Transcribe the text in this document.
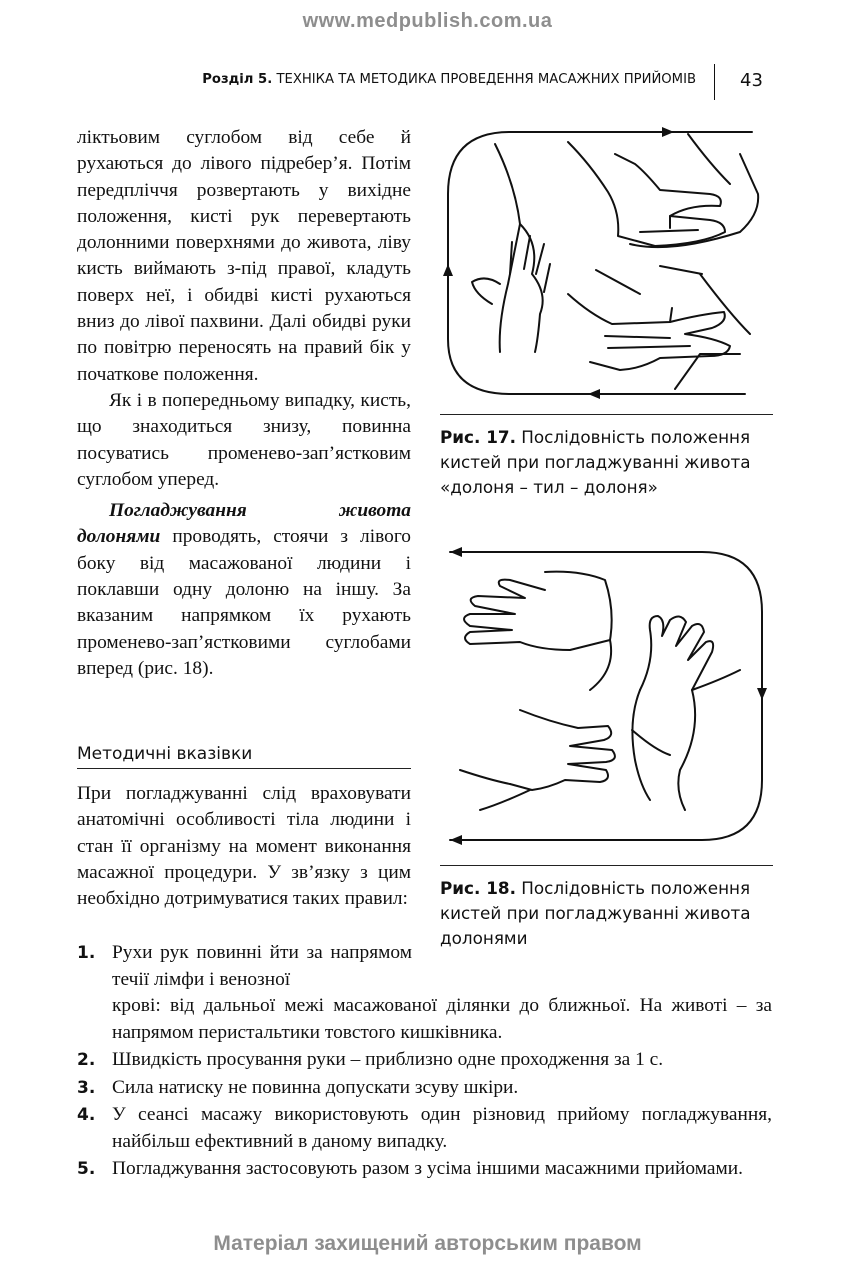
www.medpublish.com.ua
Розділ 5. ТЕХНІКА ТА МЕТОДИКА ПРОВЕДЕННЯ МАСАЖНИХ ПРИЙОМІВ 43

ліктьовим суглобом від себе й рухаються до лівого підребер’я. Потім передпліччя розвертають у вихідне положення, кисті рук перевертають долонними поверхнями до живота, ліву кисть виймають з-під правої, кладуть поверх неї, і обидві кисті рухаються вниз до лівої пахвини. Далі обидві руки по повітрю переносять на правий бік у початкове положення.

Як і в попередньому випадку, кисть, що знаходиться знизу, повинна посуватись променево-зап’ястковим суглобом уперед.

Погладжування живота долонями проводять, стоячи з лівого боку від масажованої людини і поклавши одну долоню на іншу. За вказаним напрямком їх рухають променево-зап’ястковими суглобами вперед (рис. 18).

Методичні вказівки

При погладжуванні слід враховувати анатомічні особливості тіла людини і стан її організму на момент виконання масажної процедури. У зв’язку з цим необхідно дотримуватися таких правил:

1. Рухи рук повинні йти за напрямом течії лімфи і венозної
крові: від дальньої межі масажованої ділянки до ближньої. На животі – за напрямом перистальтики товстого кишківника.
2. Швидкість просування руки – приблизно одне проходження за 1 с.
3. Сила натиску не повинна допускати зсуву шкіри.
4. У сеансі масажу використовують один різновид прийому погладжування, найбільш ефективний в даному випадку.
5. Погладжування застосовують разом з усіма іншими масажними прийомами.
Рис. 17. Послідовність положення кистей при погладжуванні живота «долоня – тил – долоня»
Рис. 18. Послідовність положення кистей при погладжуванні живота долонями
Матеріал захищений авторським правом
